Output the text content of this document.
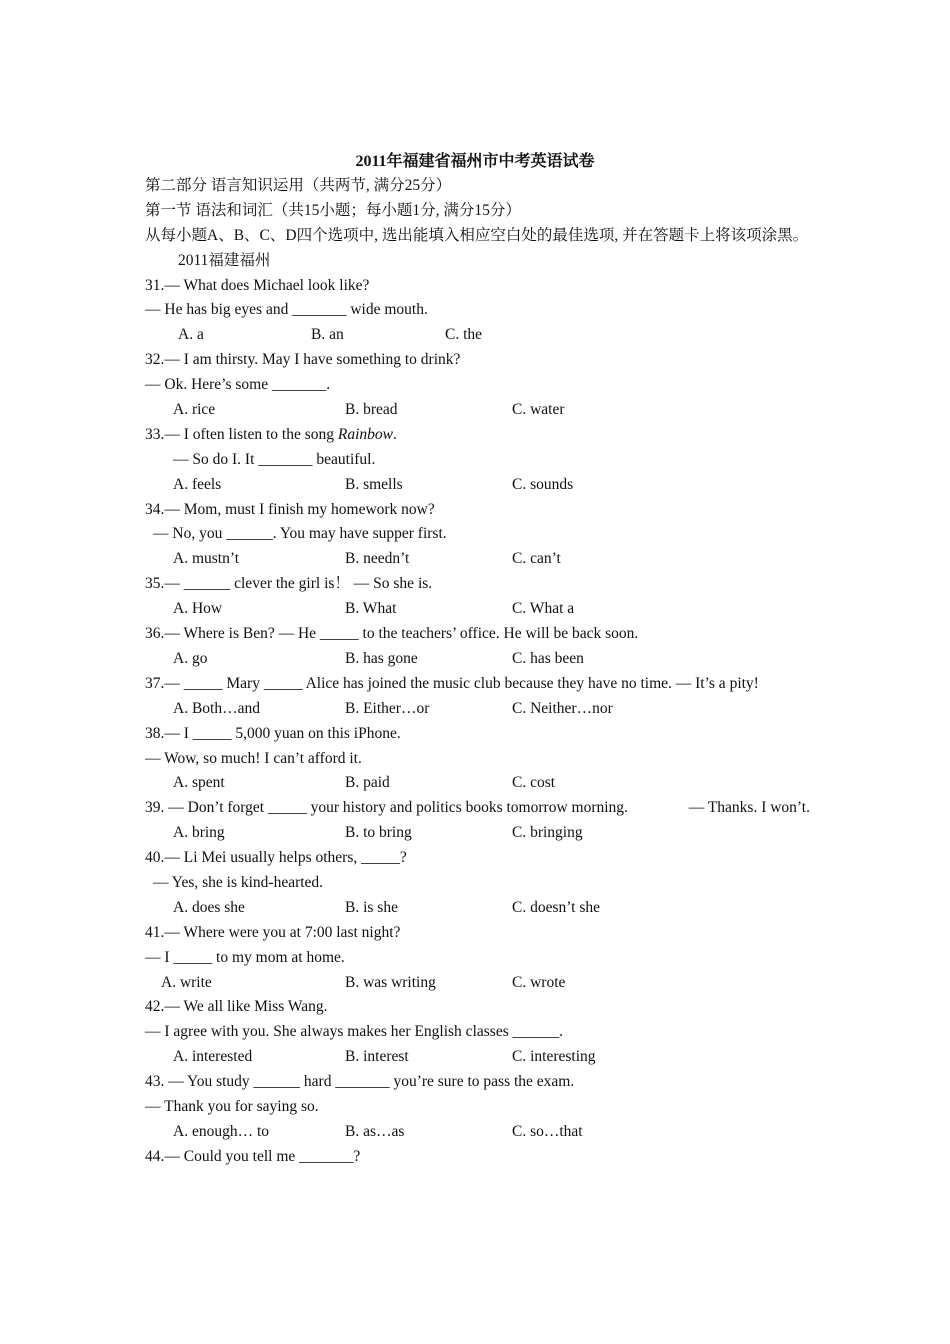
2011年福建省福州市中考英语试卷
第二部分 语言知识运用（共两节, 满分25分）
第一节 语法和词汇（共15小题；每小题1分, 满分15分）
从每小题A、B、C、D四个选项中, 选出能填入相应空白处的最佳选项, 并在答题卡上将该项涂黑。
2011福建福州
31.— What does Michael look like?
— He has big eyes and _______ wide mouth.
A. a	B. an	C. the
32.— I am thirsty. May I have something to drink?
— Ok. Here’s some _______.
A. rice	B. bread	C. water
33.— I often listen to the song Rainbow.
— So do I. It _______ beautiful.
A. feels	B. smells	C. sounds
34.— Mom, must I finish my homework now?
— No, you ______. You may have supper first.
A. mustn’t	B. needn’t	C. can’t
35.— ______ clever the girl is！ — So she is.
A. How	B. What	C. What a
36.— Where is Ben? — He _____ to the teachers’ office. He will be back soon.
A. go	B. has gone	C. has been
37.— _____ Mary _____ Alice has joined the music club because they have no time. — It’s a pity!
A. Both…and	B. Either…or	C. Neither…nor
38.— I _____ 5,000 yuan on this iPhone.
— Wow, so much! I can’t afford it.
A. spent	B. paid	C. cost
39. — Don’t forget _____ your history and politics books tomorrow morning.	— Thanks. I won’t.
A. bring	B. to bring	C. bringing
40.— Li Mei usually helps others, _____?
— Yes, she is kind-hearted.
A. does she	B. is she	C. doesn’t she
41.— Where were you at 7:00 last night?
— I _____ to my mom at home.
A. write	B. was writing	C. wrote
42.— We all like Miss Wang.
— I agree with you. She always makes her English classes ______.
A. interested	B. interest	C. interesting
43. — You study ______ hard _______ you’re sure to pass the exam.
— Thank you for saying so.
A. enough… to	B. as…as	C. so…that
44.— Could you tell me _______?
